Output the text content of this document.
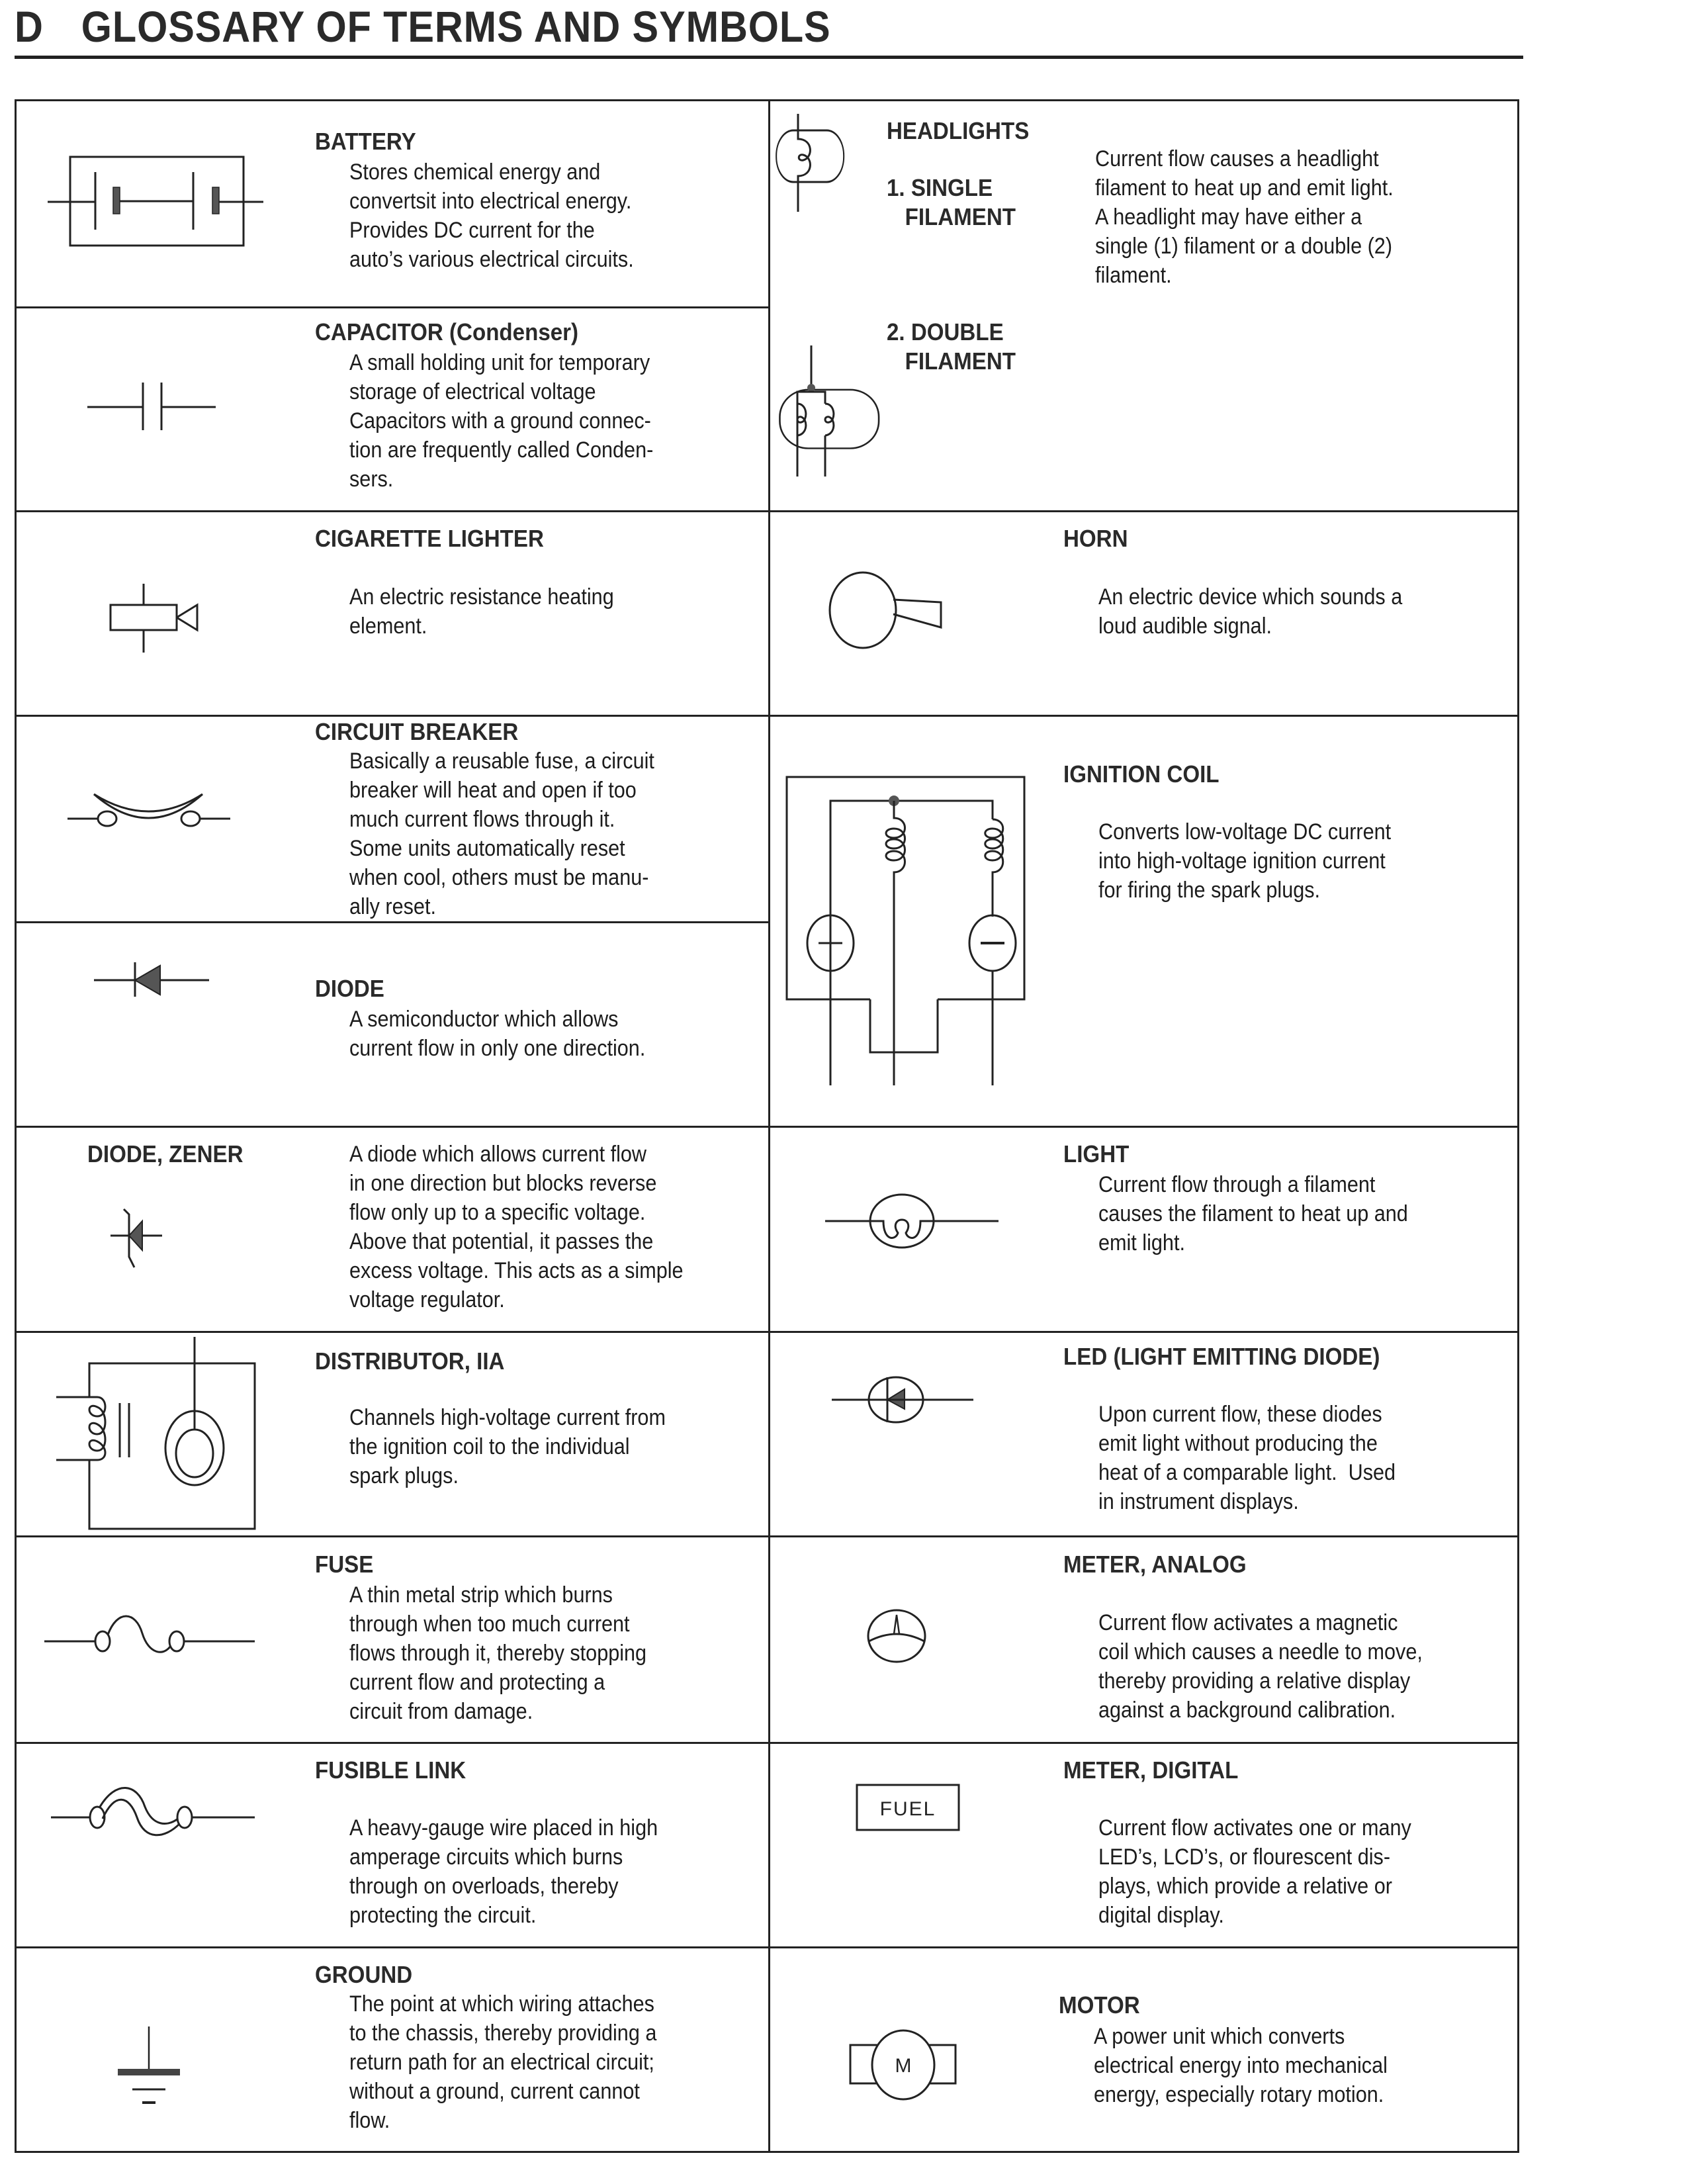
D GLOSSARY OF TERMS AND SYMBOLS
BATTERY
Stores chemical energy and
convertsit into electrical energy.
Provides DC current for the
auto’s various electrical circuits.
CAPACITOR (Condenser)
A small holding unit for temporary
storage of electrical voltage
Capacitors with a ground connec-
tion are frequently called Conden-
sers.
CIGARETTE LIGHTER
An electric resistance heating
element.
CIRCUIT BREAKER
Basically a reusable fuse, a circuit
breaker will heat and open if too
much current flows through it.
Some units automatically reset
when cool, others must be manu-
ally reset.
DIODE
A semiconductor which allows
current flow in only one direction.
DIODE, ZENER	A diode which allows current flow
in one direction but blocks reverse
flow only up to a specific voltage.
Above that potential, it passes the
excess voltage. This acts as a simple
voltage regulator.
DISTRIBUTOR, IIA
Channels high-voltage current from
the ignition coil to the individual
spark plugs.
FUSE
A thin metal strip which burns
through when too much current
flows through it, thereby stopping
current flow and protecting a
circuit from damage.
FUSIBLE LINK
A heavy-gauge wire placed in high
amperage circuits which burns
through on overloads, thereby
protecting the circuit.
GROUND
The point at which wiring attaches
to the chassis, thereby providing a
return path for an electrical circuit;
without a ground, current cannot
flow.
HEADLIGHTS
1. SINGLE
FILAMENT
Current flow causes a headlight
filament to heat up and emit light.
A headlight may have either a
single (1) filament or a double (2)
filament.
2. DOUBLE
FILAMENT
HORN
An electric device which sounds a
loud audible signal.
IGNITION COIL
Converts low-voltage DC current
into high-voltage ignition current
for firing the spark plugs.
LIGHT
Current flow through a filament
causes the filament to heat up and
emit light.
LED (LIGHT EMITTING DIODE)
Upon current flow, these diodes
emit light without producing the
heat of a comparable light.  Used
in instrument displays.
METER, ANALOG
Current flow activates a magnetic
coil which causes a needle to move,
thereby providing a relative display
against a background calibration.
FUEL
METER, DIGITAL
Current flow activates one or many
LED’s, LCD’s, or flourescent dis-
plays, which provide a relative or
digital display.
M
MOTOR
A power unit which converts
electrical energy into mechanical
energy, especially rotary motion.
